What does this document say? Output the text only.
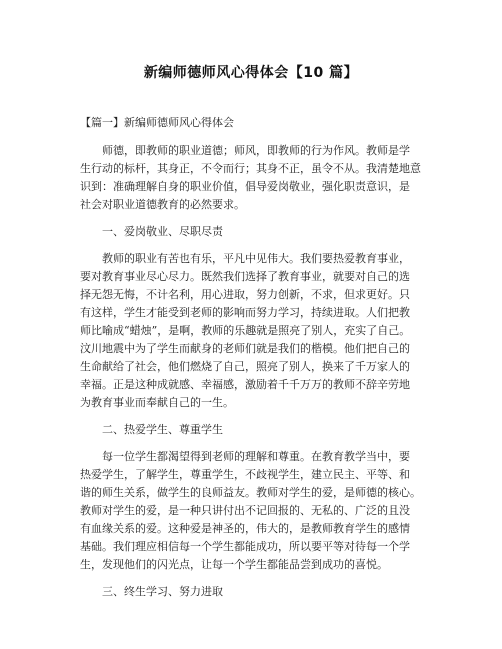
新编师德师风心得体会【10 篇】
【篇一】新编师德师风心得体会
师德，即教师的职业道德；师风，即教师的行为作风。教师是学
生行动的标杆，其身正，不令而行；其身不正，虽令不从。我清楚地意
识到：准确理解自身的职业价值，倡导爱岗敬业，强化职责意识，是
社会对职业道德教育的必然要求。
一、爱岗敬业、尽职尽责
教师的职业有苦也有乐，平凡中见伟大。我们要热爱教育事业，
要对教育事业尽心尽力。既然我们选择了教育事业，就要对自己的选
择无怨无悔，不计名利，用心进取，努力创新，不求，但求更好。只
有这样，学生才能受到老师的影响而努力学习，持续进取。人们把教
师比喻成“蜡烛”，是啊，教师的乐趣就是照亮了别人，充实了自己。
汶川地震中为了学生而献身的老师们就是我们的楷模。他们把自己的
生命献给了社会，他们燃烧了自己，照亮了别人，换来了千万家人的
幸福。正是这种成就感、幸福感，激励着千千万万的教师不辞辛劳地
为教育事业而奉献自己的一生。
二、热爱学生、尊重学生
每一位学生都渴望得到老师的理解和尊重。在教育教学当中，要
热爱学生，了解学生，尊重学生，不歧视学生，建立民主、平等、和
谐的师生关系，做学生的良师益友。教师对学生的爱，是师德的核心。
教师对学生的爱，是一种只讲付出不记回报的、无私的、广泛的且没
有血缘关系的爱。这种爱是神圣的，伟大的，是教师教育学生的感情
基础。我们理应相信每一个学生都能成功，所以要平等对待每一个学
生，发现他们的闪光点，让每一个学生都能品尝到成功的喜悦。
三、终生学习、努力进取
